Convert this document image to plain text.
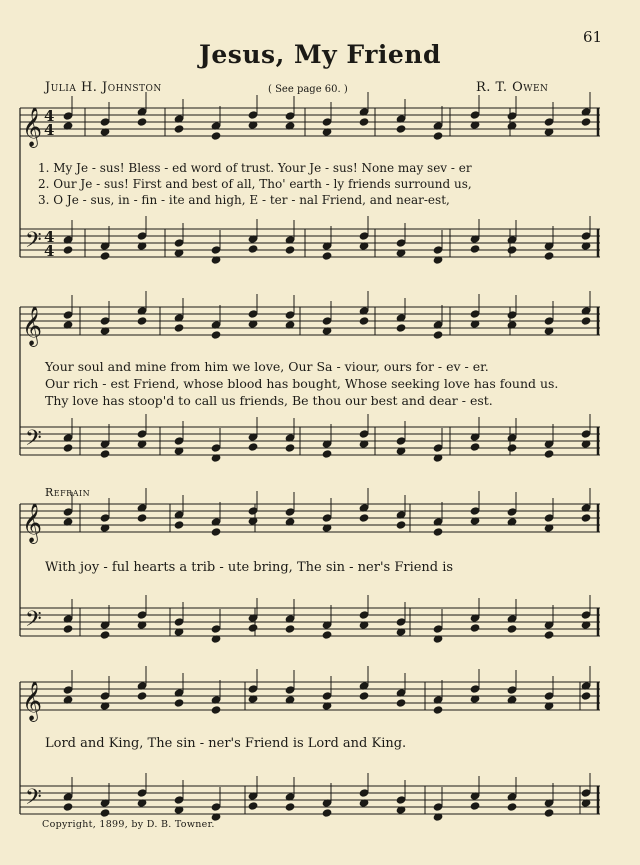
61
Jesus, My Friend
Julia H. Johnston	( See page 60. )	R. T. Owen
𝄞
𝄢
4
4
4
4
𝄞
𝄢
𝄞
𝄢
𝄞
𝄢
1. My Je - sus! Bless - ed word of trust. Your Je - sus! None may sev - er
2. Our Je - sus! First and best of all, Tho' earth - ly friends surround us,
3. O Je - sus, in - fin - ite and high, E - ter - nal Friend, and near-est,
Your soul and mine from him we love, Our Sa - viour, ours for - ev - er.
Our rich - est Friend, whose blood has bought, Whose seeking love has found us.
Thy love has stoop'd to call us friends, Be thou our best and dear - est.
Refrain
With joy - ful hearts a trib - ute bring, The sin - ner's Friend is
Lord and King, The sin - ner's Friend is Lord and King.
Copyright, 1899, by D. B. Towner.
